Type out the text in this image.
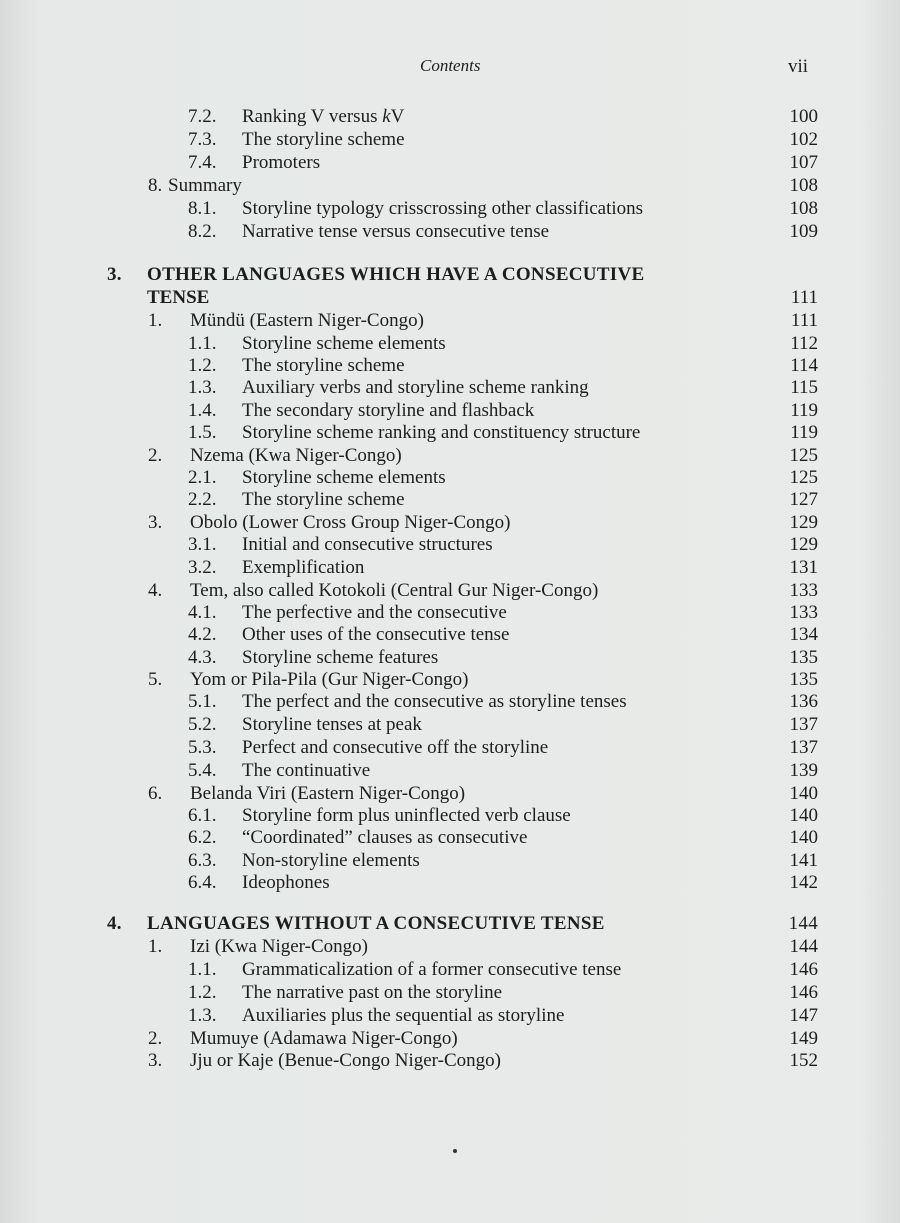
Contents	vii
7.2. Ranking V versus kV	100
7.3. The storyline scheme	102
7.4. Promoters	107
8. Summary	108
8.1. Storyline typology crisscrossing other classifications	108
8.2. Narrative tense versus consecutive tense	109
3. OTHER LANGUAGES WHICH HAVE A CONSECUTIVE
TENSE	111
1. Mündü (Eastern Niger-Congo)	111
1.1. Storyline scheme elements	112
1.2. The storyline scheme	114
1.3. Auxiliary verbs and storyline scheme ranking	115
1.4. The secondary storyline and flashback	119
1.5. Storyline scheme ranking and constituency structure	119
2. Nzema (Kwa Niger-Congo)	125
2.1. Storyline scheme elements	125
2.2. The storyline scheme	127
3. Obolo (Lower Cross Group Niger-Congo)	129
3.1. Initial and consecutive structures	129
3.2. Exemplification	131
4. Tem, also called Kotokoli (Central Gur Niger-Congo)	133
4.1. The perfective and the consecutive	133
4.2. Other uses of the consecutive tense	134
4.3. Storyline scheme features	135
5. Yom or Pila-Pila (Gur Niger-Congo)	135
5.1. The perfect and the consecutive as storyline tenses	136
5.2. Storyline tenses at peak	137
5.3. Perfect and consecutive off the storyline	137
5.4. The continuative	139
6. Belanda Viri (Eastern Niger-Congo)	140
6.1. Storyline form plus uninflected verb clause	140
6.2. “Coordinated” clauses as consecutive	140
6.3. Non-storyline elements	141
6.4. Ideophones	142
4. LANGUAGES WITHOUT A CONSECUTIVE TENSE	144
1. Izi (Kwa Niger-Congo)	144
1.1. Grammaticalization of a former consecutive tense	146
1.2. The narrative past on the storyline	146
1.3. Auxiliaries plus the sequential as storyline	147
2. Mumuye (Adamawa Niger-Congo)	149
3. Jju or Kaje (Benue-Congo Niger-Congo)	152
